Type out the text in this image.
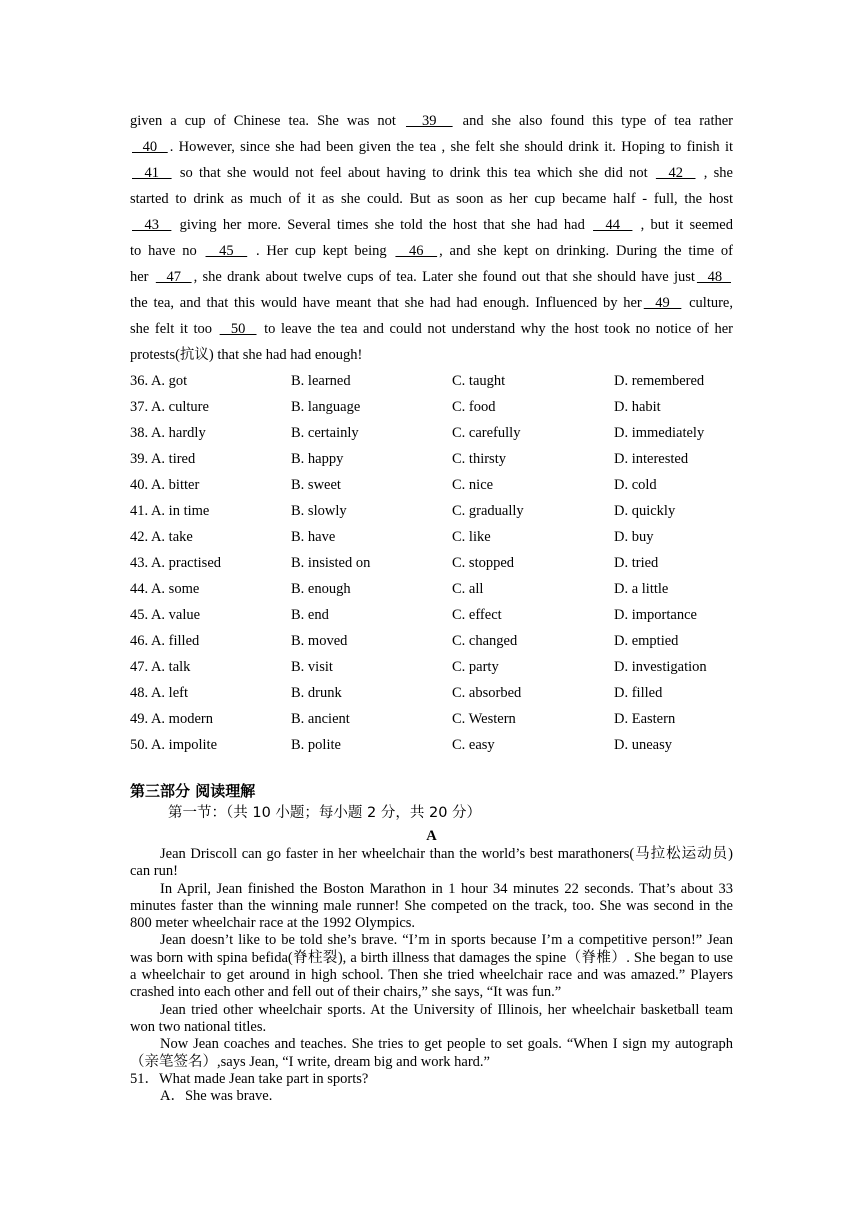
given a cup of Chinese tea. She was not   39   and she also found this type of tea rather
40  . However, since she had been given the tea , she felt she should drink it. Hoping to finish it
41   so that she would not feel about having to drink this tea which she did not   42   , she
started to drink as much of it as she could. But as soon as her cup became half - full, the host
43   giving her more. Several times she told the host that she had had   44   , but it seemed
to have no   45   . Her cup kept being   46  , and she kept on drinking. During the time of
her   47  , she drank about twelve cups of tea. Later she found out that she should have just  48
the tea, and that this would have meant that she had had enough. Influenced by her  49   culture,
she felt it too   50   to leave the tea and could not understand why the host took no notice of her
protests(抗议) that she had had enough!

36. A. got	B. learned	C. taught	D. remembered
37. A. culture	B. language	C. food	D. habit
38. A. hardly	B. certainly	C. carefully	D. immediately
39. A. tired	B. happy	C. thirsty	D. interested
40. A. bitter	B. sweet	C. nice	D. cold
41. A. in time	B. slowly	C. gradually	D. quickly
42. A. take	B. have	C. like	D. buy
43. A. practised	B. insisted on	C. stopped	D. tried
44. A. some	B. enough	C. all	D. a little
45. A. value	B. end	C. effect	D. importance
46. A. filled	B. moved	C. changed	D. emptied
47. A. talk	B. visit	C. party	D. investigation
48. A. left	B. drunk	C. absorbed	D. filled
49. A. modern	B. ancient	C. Western	D. Eastern
50. A. impolite	B. polite	C. easy	D. uneasy
第三部分 阅读理解
第一节：（共 10 小题；每小题 2 分，共 20 分）
A

Jean Driscoll can go faster in her wheelchair than the world’s best marathoners(马拉松运动员) can run!

In April, Jean finished the Boston Marathon in 1 hour 34 minutes 22 seconds. That’s about 33 minutes faster than the winning male runner! She competed on the track, too. She was second in the 800 meter wheelchair race at the 1992 Olympics.

Jean doesn’t like to be told she’s brave. “I’m in sports because I’m a competitive person!” Jean was born with spina befida(脊柱裂), a birth illness that damages the spine（脊椎）. She began to use a wheelchair to get around in high school. Then she tried wheelchair race and was amazed.” Players crashed into each other and fell out of their chairs,” she says, “It was fun.”

Jean tried other wheelchair sports. At the University of Illinois, her wheelchair basketball team won two national titles.

Now Jean coaches and teaches. She tries to get people to set goals. “When I sign my autograph（亲笔签名）,says Jean, “I write, dream big and work hard.”

51．What made Jean take part in sports?

A．She was brave.
